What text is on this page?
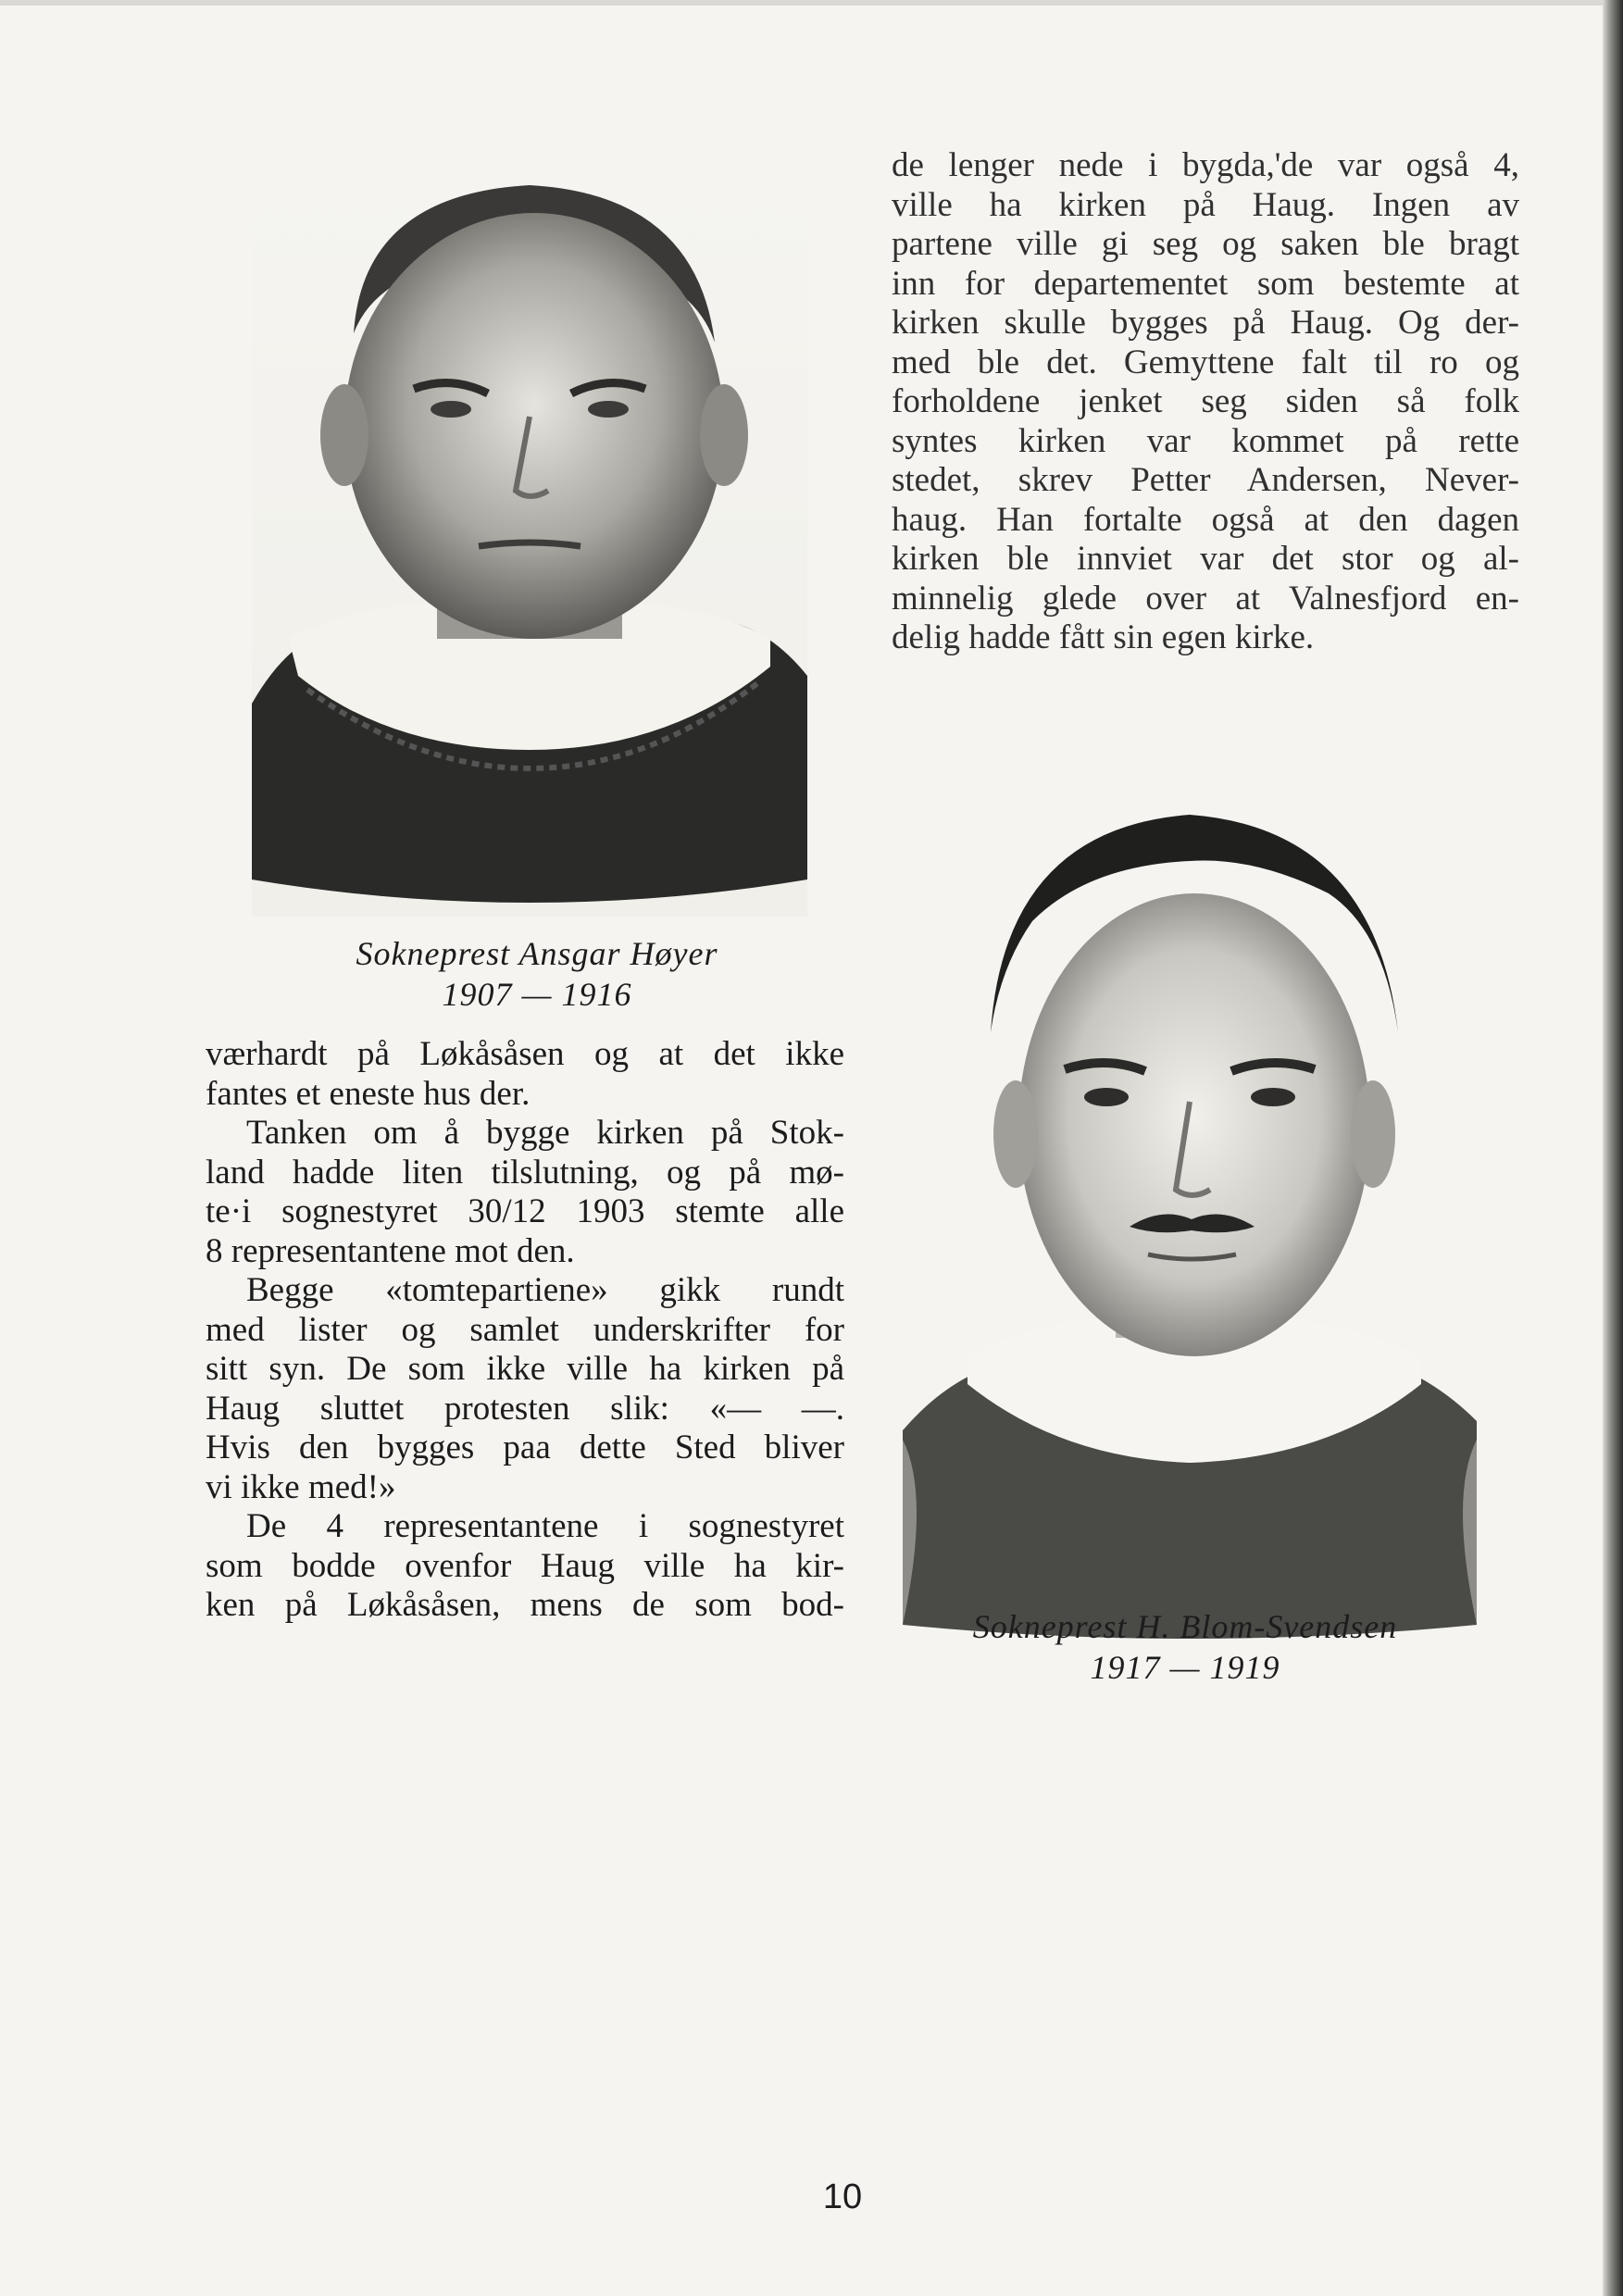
de lenger nede i bygda,'de var også 4,
ville ha kirken på Haug. Ingen av
partene ville gi seg og saken ble bragt
inn for departementet som bestemte at
kirken skulle bygges på Haug. Og der-
med ble det. Gemyttene falt til ro og
forholdene jenket seg siden så folk
syntes kirken var kommet på rette
stedet, skrev Petter Andersen, Never-
haug. Han fortalte også at den dagen
kirken ble innviet var det stor og al-
minnelig glede over at Valnesfjord en-
delig hadde fått sin egen kirke.
Sokneprest Ansgar Høyer
1907 — 1916
værhardt på Løkåsåsen og at det ikke
fantes et eneste hus der.
Tanken om å bygge kirken på Stok-
land hadde liten tilslutning, og på mø-
te·i sognestyret 30/12 1903 stemte alle
8 representantene mot den.
Begge «tomtepartiene» gikk rundt
med lister og samlet underskrifter for
sitt syn. De som ikke ville ha kirken på
Haug sluttet protesten slik: «— —.
Hvis den bygges paa dette Sted bliver
vi ikke med!»
De 4 representantene i sognestyret
som bodde ovenfor Haug ville ha kir-
ken på Løkåsåsen, mens de som bod-
Sokneprest H. Blom-Svendsen
1917 — 1919
10
